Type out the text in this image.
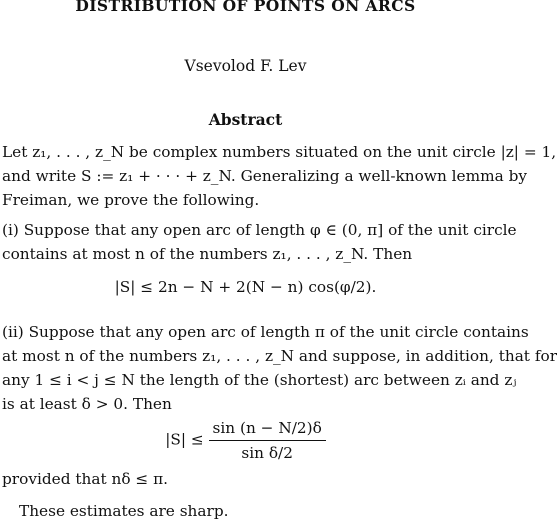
DISTRIBUTION OF POINTS ON ARCS
Vsevolod F. Lev
Abstract
Let z₁, . . . , z_N be complex numbers situated on the unit circle |z| = 1,
and write S := z₁ + · · · + z_N. Generalizing a well-known lemma by
Freiman, we prove the following.
(i) Suppose that any open arc of length φ ∈ (0, π] of the unit circle
contains at most n of the numbers z₁, . . . , z_N. Then
|S| ≤ 2n − N + 2(N − n) cos(φ/2).
(ii) Suppose that any open arc of length π of the unit circle contains
at most n of the numbers z₁, . . . , z_N and suppose, in addition, that for
any 1 ≤ i < j ≤ N the length of the (shortest) arc between zᵢ and zⱼ
is at least δ > 0. Then
$|S| \le \frac{\sin (n - N/2)\delta}{\text{sin δ/2}}$
provided that nδ ≤ π.
These estimates are sharp.
